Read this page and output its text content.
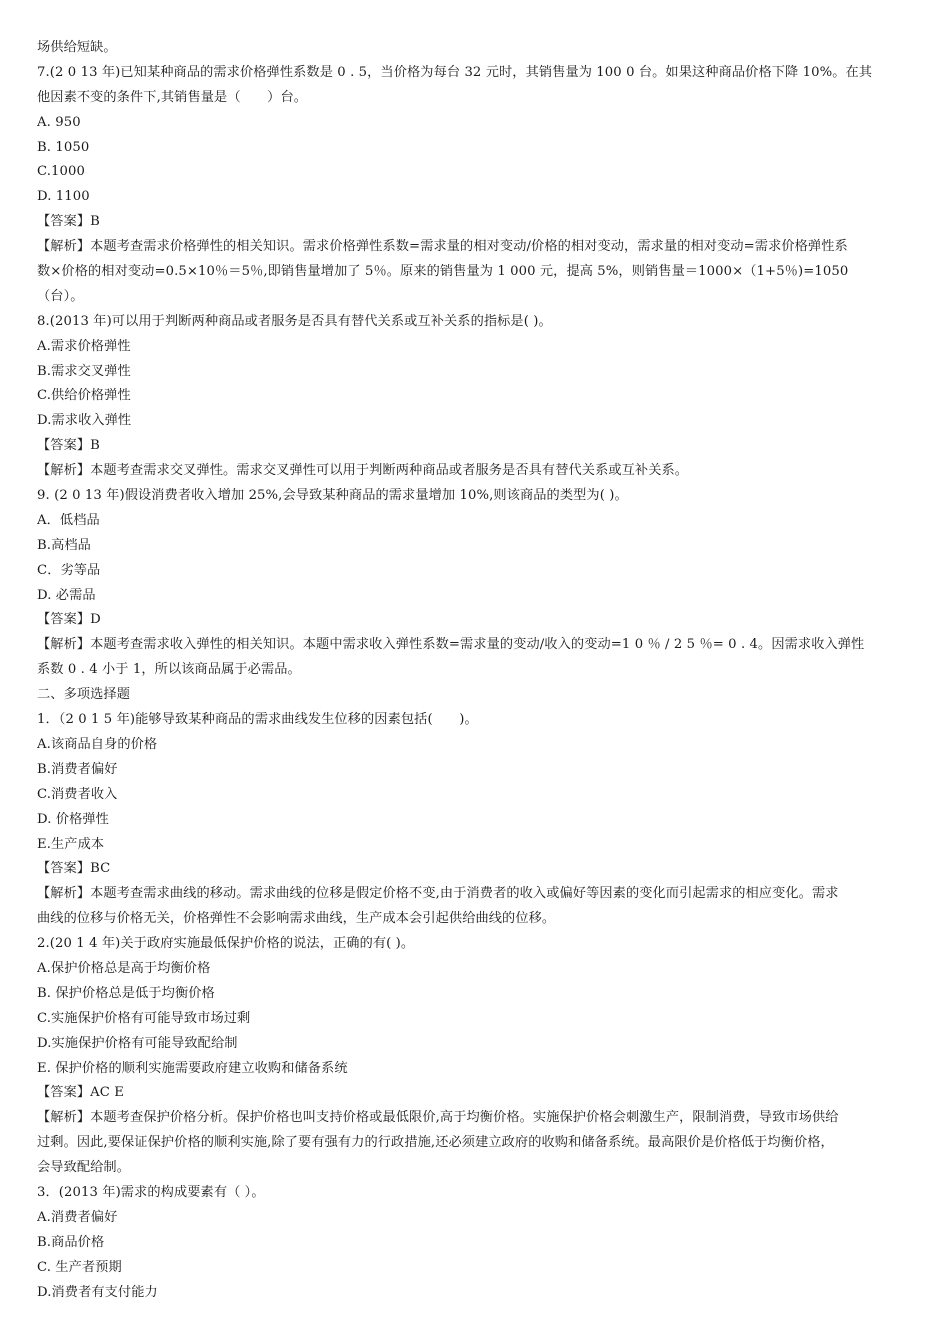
场供给短缺。
7.(2 0 13 年)已知某种商品的需求价格弹性系数是 0 . 5，当价格为每台 32 元时，其销售量为 100 0 台。如果这种商品价格下降 10%。在其
他因素不变的条件下,其销售量是（　　）台。
A. 950
B. 1050
C.1000
D. 1100
【答案】B
【解析】本题考查需求价格弹性的相关知识。需求价格弹性系数=需求量的相对变动/价格的相对变动，需求量的相对变动=需求价格弹性系
数×价格的相对变动=0.5×10％＝5％,即销售量增加了 5％。原来的销售量为 1 000 元，提高 5%，则销售量＝1000×（1+5％)=1050
（台）。
8.(2013 年)可以用于判断两种商品或者服务是否具有替代关系或互补关系的指标是( )。
A.需求价格弹性
B.需求交叉弹性
C.供给价格弹性
D.需求收入弹性
【答案】B
【解析】本题考查需求交叉弹性。需求交叉弹性可以用于判断两种商品或者服务是否具有替代关系或互补关系。
9. (2 0 13 年)假设消费者收入增加 25%,会导致某种商品的需求量增加 10%,则该商品的类型为( )。
A．低档品
B.高档品
C．劣等品
D. 必需品
【答案】D
【解析】本题考查需求收入弹性的相关知识。本题中需求收入弹性系数=需求量的变动/收入的变动=1 0 ％ / 2 5 ％= 0 . 4。因需求收入弹性
系数 0 . 4 小于 1，所以该商品属于必需品。
二、多项选择题
1．（2 0 1 5 年)能够导致某种商品的需求曲线发生位移的因素包括(　　)。
A.该商品自身的价格
B.消费者偏好
C.消费者收入
D. 价格弹性
E.生产成本
【答案】BC
【解析】本题考查需求曲线的移动。需求曲线的位移是假定价格不变,由于消费者的收入或偏好等因素的变化而引起需求的相应变化。需求
曲线的位移与价格无关，价格弹性不会影响需求曲线，生产成本会引起供给曲线的位移。
2.(20 1 4 年)关于政府实施最低保护价格的说法，正确的有( )。
A.保护价格总是高于均衡价格
B. 保护价格总是低于均衡价格
C.实施保护价格有可能导致市场过剩
D.实施保护价格有可能导致配给制
E. 保护价格的顺利实施需要政府建立收购和储备系统
【答案】AC E
【解析】本题考查保护价格分析。保护价格也叫支持价格或最低限价,高于均衡价格。实施保护价格会刺激生产，限制消费，导致市场供给
过剩。因此,要保证保护价格的顺利实施,除了要有强有力的行政措施,还必须建立政府的收购和储备系统。最高限价是价格低于均衡价格，
会导致配给制。
3．(2013 年)需求的构成要素有（ ）。
A.消费者偏好
B.商品价格
C. 生产者预期
D.消费者有支付能力
